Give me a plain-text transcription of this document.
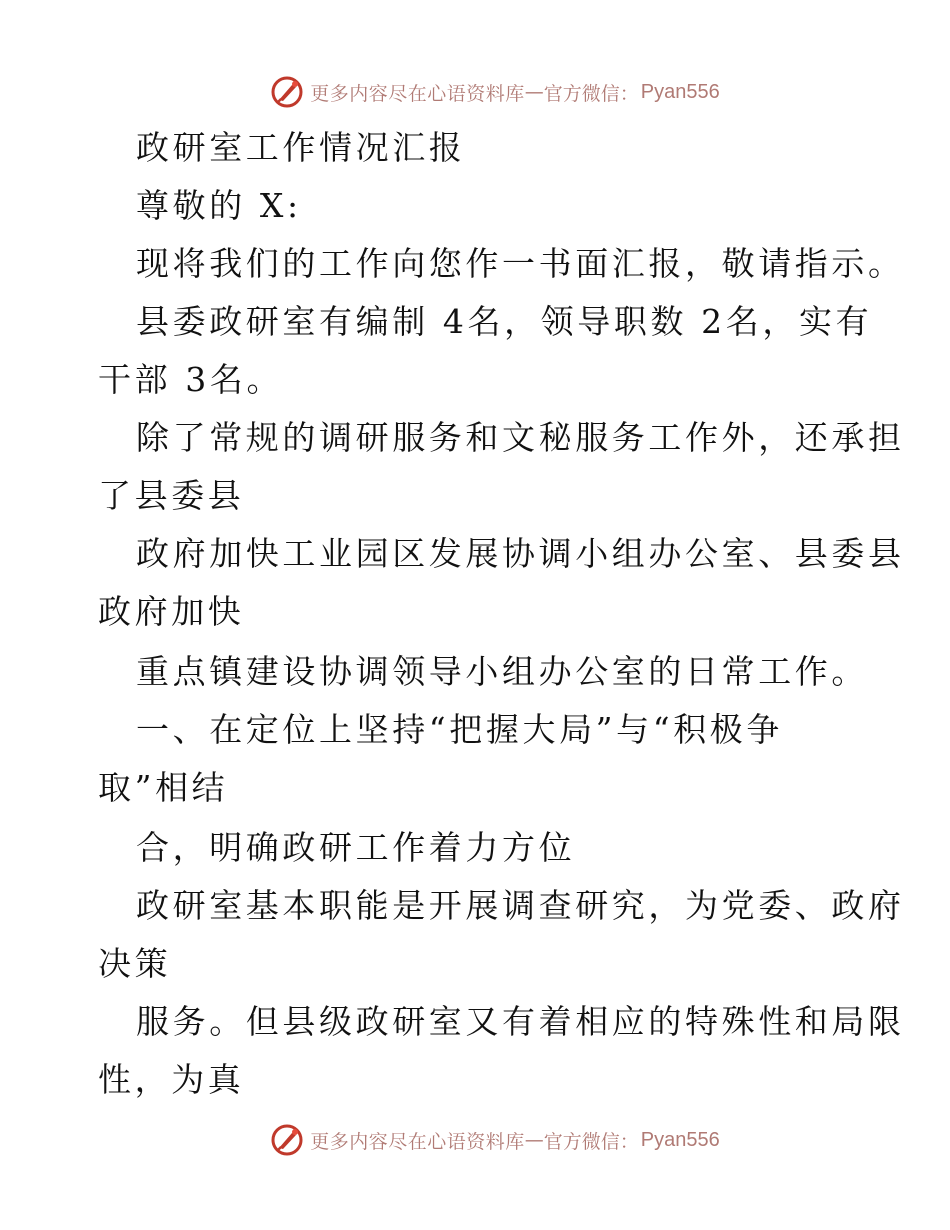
更多内容尽在心语资料库 — 官方微信： Pyan556
政研室工作情况汇报
尊敬的 X:
现将我们的工作向您作一书面汇报，敬请指示。
县委政研室有编制 4名，领导职数 2名，实有
干部 3名。
除了常规的调研服务和文秘服务工作外，还承担
了县委县
政府加快工业园区发展协调小组办公室、县委县
政府加快
重点镇建设协调领导小组办公室的日常工作。
一、在定位上坚持“把握大局”与“积极争
取”相结
合，明确政研工作着力方位
政研室基本职能是开展调查研究，为党委、政府
决策
服务。但县级政研室又有着相应的特殊性和局限
性，为真
更多内容尽在心语资料库 — 官方微信： Pyan556
